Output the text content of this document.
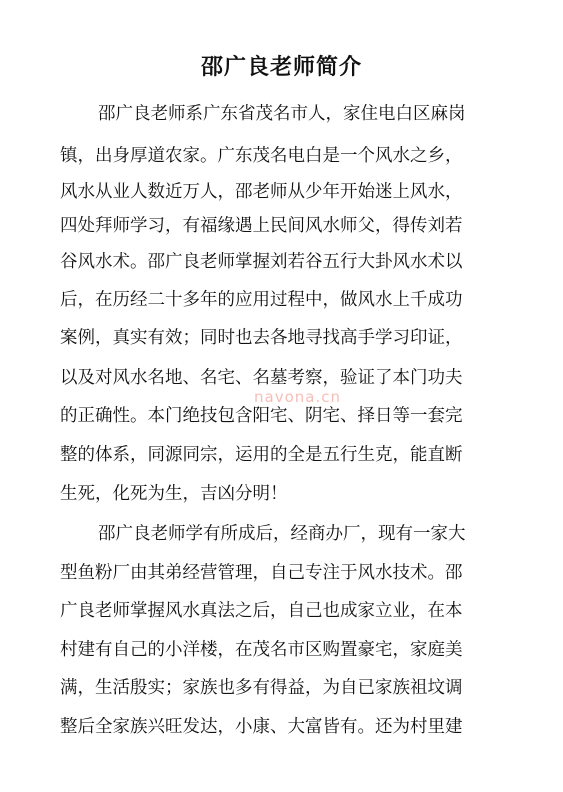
邵广良老师简介
邵广良老师系广东省茂名市人，家住电白区麻岗
镇，出身厚道农家。广东茂名电白是一个风水之乡，
风水从业人数近万人，邵老师从少年开始迷上风水，
四处拜师学习，有福缘遇上民间风水师父，得传刘若
谷风水术。邵广良老师掌握刘若谷五行大卦风水术以
后，在历经二十多年的应用过程中，做风水上千成功
案例，真实有效；同时也去各地寻找高手学习印证，
以及对风水名地、名宅、名墓考察，验证了本门功夫
的正确性。本门绝技包含阳宅、阴宅、择日等一套完
整的体系，同源同宗，运用的全是五行生克，能直断
生死，化死为生，吉凶分明！
邵广良老师学有所成后，经商办厂，现有一家大
型鱼粉厂由其弟经营管理，自己专注于风水技术。邵
广良老师掌握风水真法之后，自己也成家立业，在本
村建有自己的小洋楼，在茂名市区购置豪宅，家庭美
满，生活殷实；家族也多有得益，为自已家族祖坟调
整后全家族兴旺发达，小康、大富皆有。还为村里建
navona.cn
